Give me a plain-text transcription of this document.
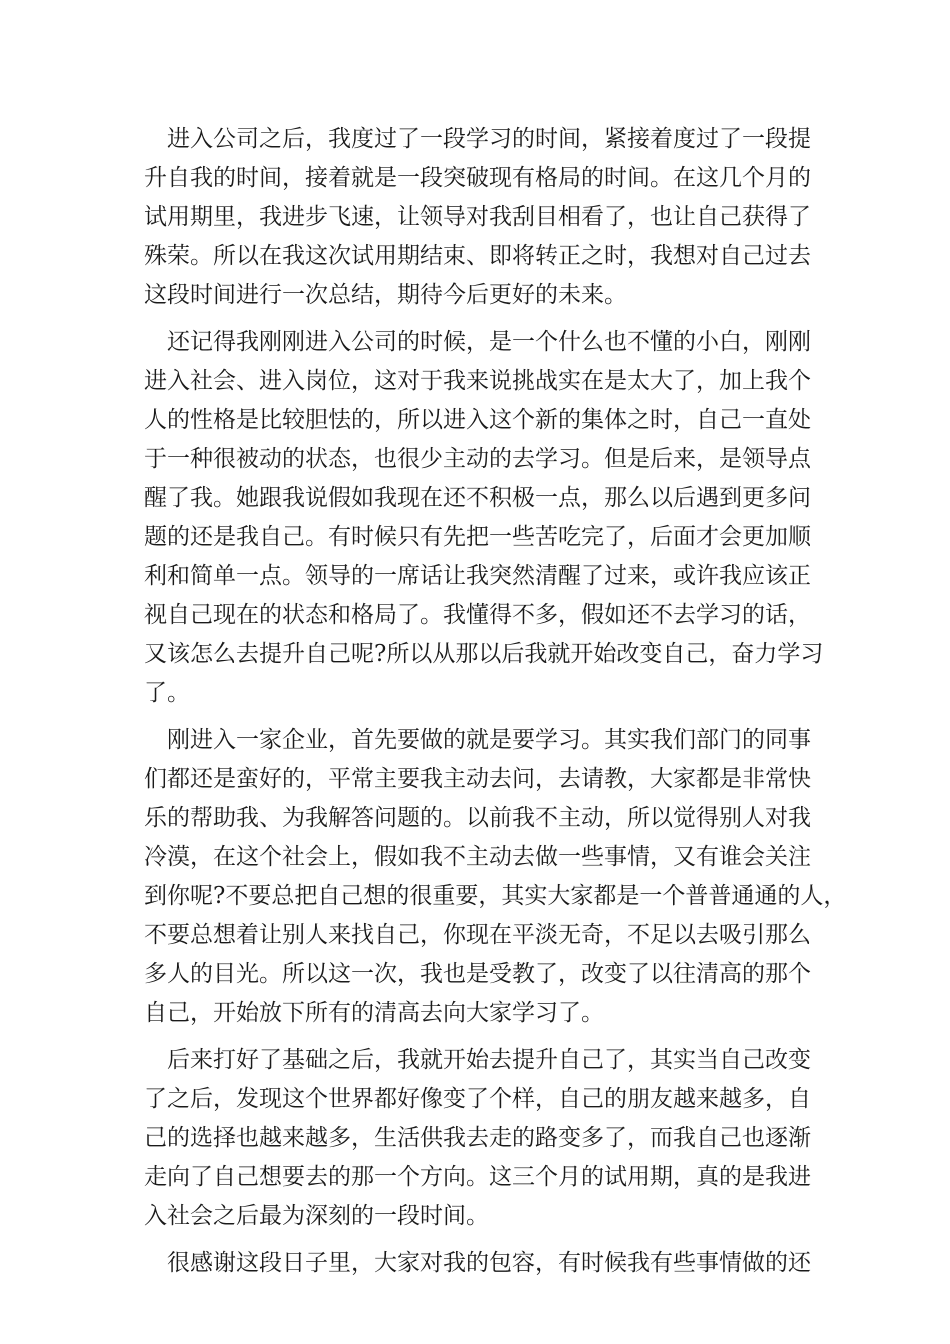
进入公司之后，我度过了一段学习的时间，紧接着度过了一段提
升自我的时间，接着就是一段突破现有格局的时间。在这几个月的
试用期里，我进步飞速，让领导对我刮目相看了，也让自己获得了
殊荣。所以在我这次试用期结束、即将转正之时，我想对自己过去
这段时间进行一次总结，期待今后更好的未来。
还记得我刚刚进入公司的时候，是一个什么也不懂的小白，刚刚
进入社会、进入岗位，这对于我来说挑战实在是太大了，加上我个
人的性格是比较胆怯的，所以进入这个新的集体之时，自己一直处
于一种很被动的状态，也很少主动的去学习。但是后来，是领导点
醒了我。她跟我说假如我现在还不积极一点，那么以后遇到更多问
题的还是我自己。有时候只有先把一些苦吃完了，后面才会更加顺
利和简单一点。领导的一席话让我突然清醒了过来，或许我应该正
视自己现在的状态和格局了。我懂得不多，假如还不去学习的话，
又该怎么去提升自己呢?所以从那以后我就开始改变自己，奋力学习
了。
刚进入一家企业，首先要做的就是要学习。其实我们部门的同事
们都还是蛮好的，平常主要我主动去问，去请教，大家都是非常快
乐的帮助我、为我解答问题的。以前我不主动，所以觉得别人对我
冷漠，在这个社会上，假如我不主动去做一些事情，又有谁会关注
到你呢?不要总把自己想的很重要，其实大家都是一个普普通通的人，
不要总想着让别人来找自己，你现在平淡无奇，不足以去吸引那么
多人的目光。所以这一次，我也是受教了，改变了以往清高的那个
自己，开始放下所有的清高去向大家学习了。
后来打好了基础之后，我就开始去提升自己了，其实当自己改变
了之后，发现这个世界都好像变了个样，自己的朋友越来越多，自
己的选择也越来越多，生活供我去走的路变多了，而我自己也逐渐
走向了自己想要去的那一个方向。这三个月的试用期，真的是我进
入社会之后最为深刻的一段时间。
很感谢这段日子里，大家对我的包容，有时候我有些事情做的还
